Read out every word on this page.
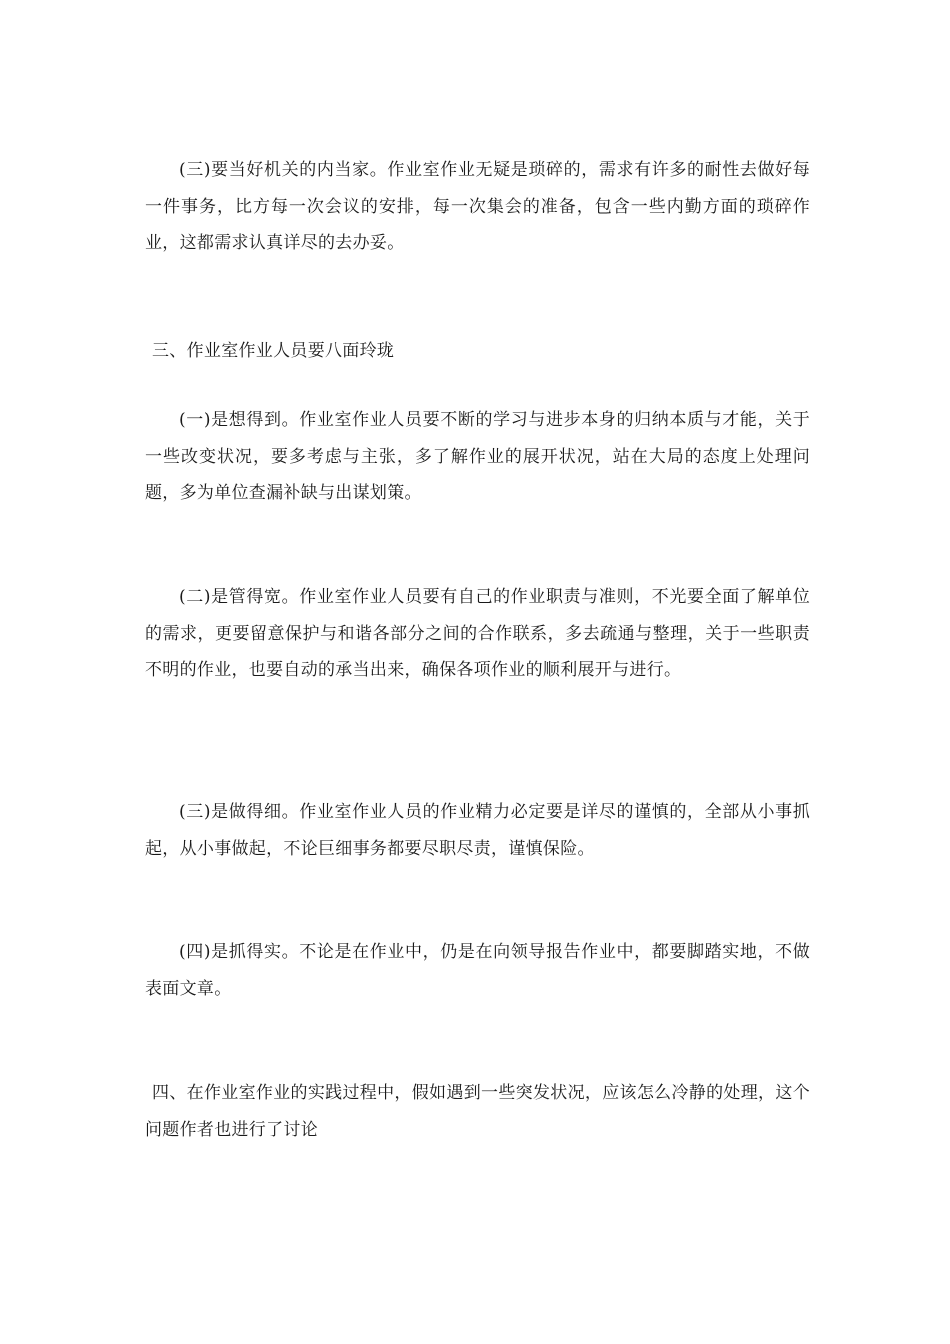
(三)要当好机关的内当家。作业室作业无疑是琐碎的，需求有许多的耐性去做好每一件事务，比方每一次会议的安排，每一次集会的准备，包含一些内勤方面的琐碎作业，这都需求认真详尽的去办妥。

三、作业室作业人员要八面玲珑

(一)是想得到。作业室作业人员要不断的学习与进步本身的归纳本质与才能，关于一些改变状况，要多考虑与主张，多了解作业的展开状况，站在大局的态度上处理问题，多为单位查漏补缺与出谋划策。

(二)是管得宽。作业室作业人员要有自己的作业职责与准则，不光要全面了解单位的需求，更要留意保护与和谐各部分之间的合作联系，多去疏通与整理，关于一些职责不明的作业，也要自动的承当出来，确保各项作业的顺利展开与进行。

(三)是做得细。作业室作业人员的作业精力必定要是详尽的谨慎的，全部从小事抓起，从小事做起，不论巨细事务都要尽职尽责，谨慎保险。

(四)是抓得实。不论是在作业中，仍是在向领导报告作业中，都要脚踏实地，不做表面文章。

四、在作业室作业的实践过程中，假如遇到一些突发状况，应该怎么冷静的处理，这个问题作者也进行了讨论
